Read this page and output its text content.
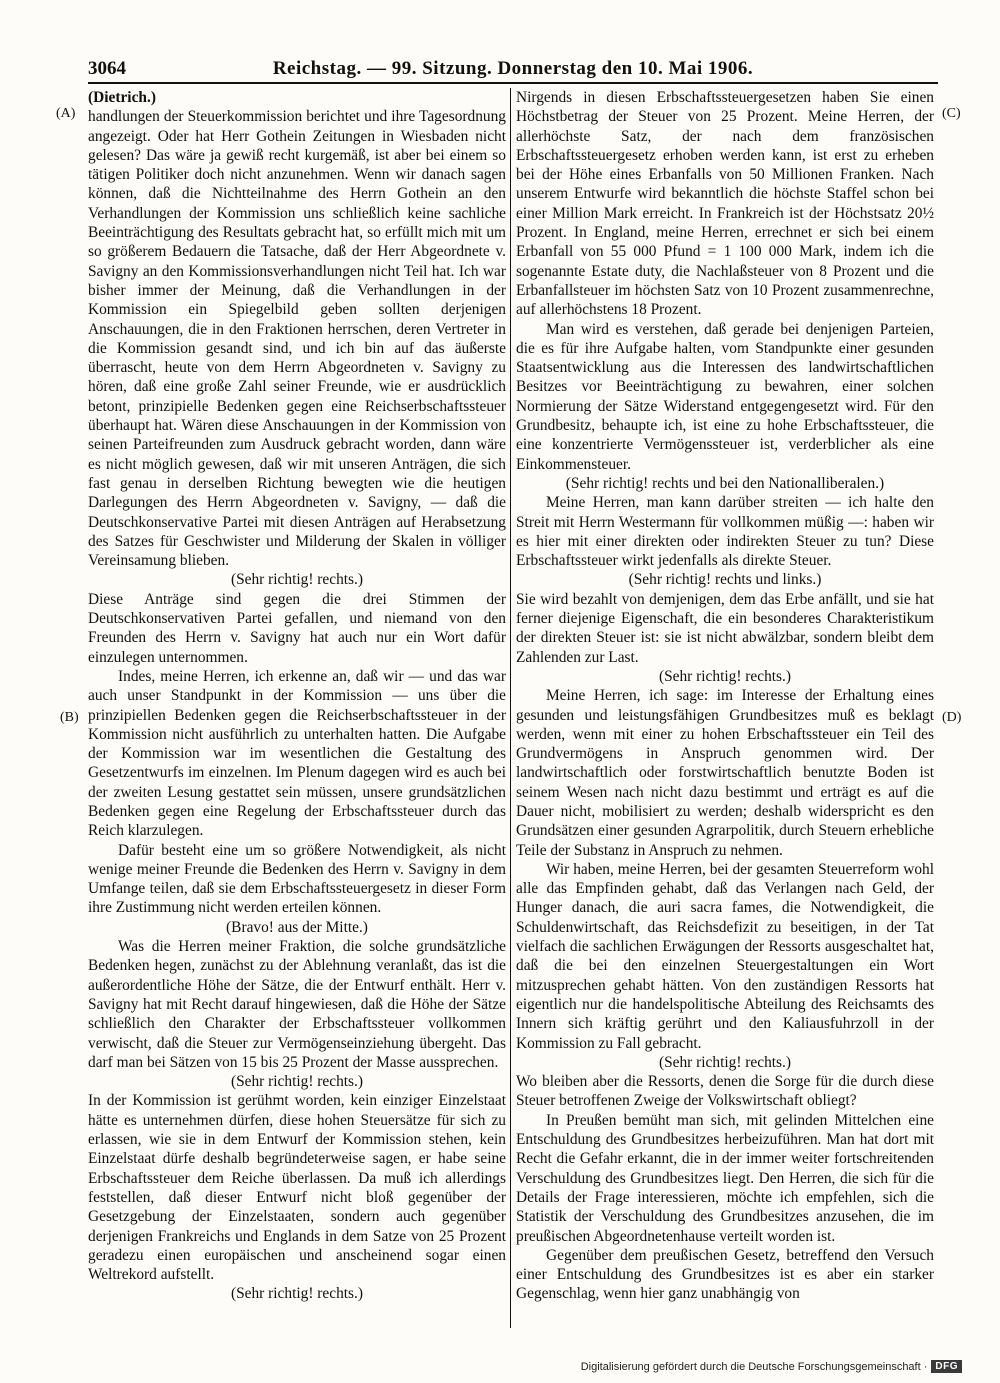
3064	Reichstag. — 99. Sitzung. Donnerstag den 10. Mai 1906.
(A)
(B)
(C)
(D)

(Dietrich.)

handlungen der Steuerkommission berichtet und ihre Tagesordnung angezeigt. Oder hat Herr Gothein Zeitungen in Wiesbaden nicht gelesen? Das wäre ja gewiß recht kurgemäß, ist aber bei einem so tätigen Politiker doch nicht anzunehmen. Wenn wir danach sagen können, daß die Nichtteilnahme des Herrn Gothein an den Verhandlungen der Kommission uns schließlich keine sachliche Beeinträchtigung des Resultats gebracht hat, so erfüllt mich mit um so größerem Bedauern die Tatsache, daß der Herr Abgeordnete v. Savigny an den Kommissionsverhandlungen nicht Teil hat. Ich war bisher immer der Meinung, daß die Verhandlungen in der Kommission ein Spiegelbild geben sollten derjenigen Anschauungen, die in den Fraktionen herrschen, deren Vertreter in die Kommission gesandt sind, und ich bin auf das äußerste überrascht, heute von dem Herrn Abgeordneten v. Savigny zu hören, daß eine große Zahl seiner Freunde, wie er ausdrücklich betont, prinzipielle Bedenken gegen eine Reichserbschaftssteuer überhaupt hat. Wären diese Anschauungen in der Kommission von seinen Parteifreunden zum Ausdruck gebracht worden, dann wäre es nicht möglich gewesen, daß wir mit unseren Anträgen, die sich fast genau in derselben Richtung bewegten wie die heutigen Darlegungen des Herrn Abgeordneten v. Savigny, — daß die Deutschkonservative Partei mit diesen Anträgen auf Herabsetzung des Satzes für Geschwister und Milderung der Skalen in völliger Vereinsamung blieben.

(Sehr richtig! rechts.)

Diese Anträge sind gegen die drei Stimmen der Deutschkonservativen Partei gefallen, und niemand von den Freunden des Herrn v. Savigny hat auch nur ein Wort dafür einzulegen unternommen.

Indes, meine Herren, ich erkenne an, daß wir — und das war auch unser Standpunkt in der Kommission — uns über die prinzipiellen Bedenken gegen die Reichserbschaftssteuer in der Kommission nicht ausführlich zu unterhalten hatten. Die Aufgabe der Kommission war im wesentlichen die Gestaltung des Gesetzentwurfs im einzelnen. Im Plenum dagegen wird es auch bei der zweiten Lesung gestattet sein müssen, unsere grundsätzlichen Bedenken gegen eine Regelung der Erbschaftssteuer durch das Reich klarzulegen.

Dafür besteht eine um so größere Notwendigkeit, als nicht wenige meiner Freunde die Bedenken des Herrn v. Savigny in dem Umfange teilen, daß sie dem Erbschaftssteuergesetz in dieser Form ihre Zustimmung nicht werden erteilen können.

(Bravo! aus der Mitte.)

Was die Herren meiner Fraktion, die solche grundsätzliche Bedenken hegen, zunächst zu der Ablehnung veranlaßt, das ist die außerordentliche Höhe der Sätze, die der Entwurf enthält. Herr v. Savigny hat mit Recht darauf hingewiesen, daß die Höhe der Sätze schließlich den Charakter der Erbschaftssteuer vollkommen verwischt, daß die Steuer zur Vermögenseinziehung übergeht. Das darf man bei Sätzen von 15 bis 25 Prozent der Masse aussprechen.

(Sehr richtig! rechts.)

In der Kommission ist gerühmt worden, kein einziger Einzelstaat hätte es unternehmen dürfen, diese hohen Steuersätze für sich zu erlassen, wie sie in dem Entwurf der Kommission stehen, kein Einzelstaat dürfe deshalb begründeterweise sagen, er habe seine Erbschaftssteuer dem Reiche überlassen. Da muß ich allerdings feststellen, daß dieser Entwurf nicht bloß gegenüber der Gesetzgebung der Einzelstaaten, sondern auch gegenüber derjenigen Frankreichs und Englands in dem Satze von 25 Prozent geradezu einen europäischen und anscheinend sogar einen Weltrekord aufstellt.

(Sehr richtig! rechts.)

Nirgends in diesen Erbschaftssteuergesetzen haben Sie einen Höchstbetrag der Steuer von 25 Prozent. Meine Herren, der allerhöchste Satz, der nach dem französischen Erbschaftssteuergesetz erhoben werden kann, ist erst zu erheben bei der Höhe eines Erbanfalls von 50 Millionen Franken. Nach unserem Entwurfe wird bekanntlich die höchste Staffel schon bei einer Million Mark erreicht. In Frankreich ist der Höchstsatz 20½ Prozent. In England, meine Herren, errechnet er sich bei einem Erbanfall von 55 000 Pfund = 1 100 000 Mark, indem ich die sogenannte Estate duty, die Nachlaßsteuer von 8 Prozent und die Erbanfallsteuer im höchsten Satz von 10 Prozent zusammenrechne, auf allerhöchstens 18 Prozent.

Man wird es verstehen, daß gerade bei denjenigen Parteien, die es für ihre Aufgabe halten, vom Standpunkte einer gesunden Staatsentwicklung aus die Interessen des landwirtschaftlichen Besitzes vor Beeinträchtigung zu bewahren, einer solchen Normierung der Sätze Widerstand entgegengesetzt wird. Für den Grundbesitz, behaupte ich, ist eine zu hohe Erbschaftssteuer, die eine konzentrierte Vermögenssteuer ist, verderblicher als eine Einkommensteuer.

(Sehr richtig! rechts und bei den Nationalliberalen.)

Meine Herren, man kann darüber streiten — ich halte den Streit mit Herrn Westermann für vollkommen müßig —: haben wir es hier mit einer direkten oder indirekten Steuer zu tun? Diese Erbschaftssteuer wirkt jedenfalls als direkte Steuer.

(Sehr richtig! rechts und links.)

Sie wird bezahlt von demjenigen, dem das Erbe anfällt, und sie hat ferner diejenige Eigenschaft, die ein besonderes Charakteristikum der direkten Steuer ist: sie ist nicht abwälzbar, sondern bleibt dem Zahlenden zur Last.

(Sehr richtig! rechts.)

Meine Herren, ich sage: im Interesse der Erhaltung eines gesunden und leistungsfähigen Grundbesitzes muß es beklagt werden, wenn mit einer zu hohen Erbschaftssteuer ein Teil des Grundvermögens in Anspruch genommen wird. Der landwirtschaftlich oder forstwirtschaftlich benutzte Boden ist seinem Wesen nach nicht dazu bestimmt und erträgt es auf die Dauer nicht, mobilisiert zu werden; deshalb widerspricht es den Grundsätzen einer gesunden Agrarpolitik, durch Steuern erhebliche Teile der Substanz in Anspruch zu nehmen.

Wir haben, meine Herren, bei der gesamten Steuerreform wohl alle das Empfinden gehabt, daß das Verlangen nach Geld, der Hunger danach, die auri sacra fames, die Notwendigkeit, die Schuldenwirtschaft, das Reichsdefizit zu beseitigen, in der Tat vielfach die sachlichen Erwägungen der Ressorts ausgeschaltet hat, daß die bei den einzelnen Steuergestaltungen ein Wort mitzusprechen gehabt hätten. Von den zuständigen Ressorts hat eigentlich nur die handelspolitische Abteilung des Reichsamts des Innern sich kräftig gerührt und den Kaliausfuhrzoll in der Kommission zu Fall gebracht.

(Sehr richtig! rechts.)

Wo bleiben aber die Ressorts, denen die Sorge für die durch diese Steuer betroffenen Zweige der Volkswirtschaft obliegt?

In Preußen bemüht man sich, mit gelinden Mittelchen eine Entschuldung des Grundbesitzes herbeizuführen. Man hat dort mit Recht die Gefahr erkannt, die in der immer weiter fortschreitenden Verschuldung des Grundbesitzes liegt. Den Herren, die sich für die Details der Frage interessieren, möchte ich empfehlen, sich die Statistik der Verschuldung des Grundbesitzes anzusehen, die im preußischen Abgeordnetenhause verteilt worden ist.

Gegenüber dem preußischen Gesetz, betreffend den Versuch einer Entschuldung des Grundbesitzes ist es aber ein starker Gegenschlag, wenn hier ganz unabhängig von

Digitalisierung gefördert durch die Deutsche Forschungsgemeinschaft · DFG
